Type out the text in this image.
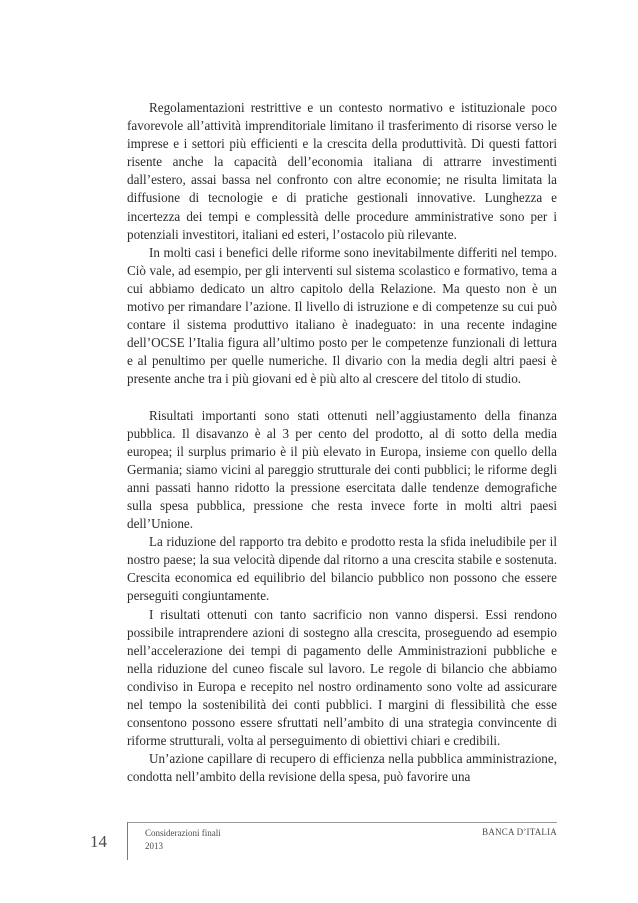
Regolamentazioni restrittive e un contesto normativo e istituzionale poco favorevole all’attività imprenditoriale limitano il trasferimento di risorse verso le imprese e i settori più efficienti e la crescita della produttività. Di questi fattori risente anche la capacità dell’economia italiana di attrarre investimenti dall’estero, assai bassa nel confronto con altre economie; ne risulta limitata la diffusione di tecnologie e di pratiche gestionali innovative. Lunghezza e incertezza dei tempi e complessità delle procedure amministrative sono per i potenziali investitori, italiani ed esteri, l’ostacolo più rilevante.

In molti casi i benefici delle riforme sono inevitabilmente differiti nel tempo. Ciò vale, ad esempio, per gli interventi sul sistema scolastico e formativo, tema a cui abbiamo dedicato un altro capitolo della Relazione. Ma questo non è un motivo per rimandare l’azione. Il livello di istruzione e di competenze su cui può contare il sistema produttivo italiano è inadeguato: in una recente indagine dell’OCSE l’Italia figura all’ultimo posto per le competenze funzionali di lettura e al penultimo per quelle numeriche. Il divario con la media degli altri paesi è presente anche tra i più giovani ed è più alto al crescere del titolo di studio.

Risultati importanti sono stati ottenuti nell’aggiustamento della finanza pubblica. Il disavanzo è al 3 per cento del prodotto, al di sotto della media europea; il surplus primario è il più elevato in Europa, insieme con quello della Germania; siamo vicini al pareggio strutturale dei conti pubblici; le riforme degli anni passati hanno ridotto la pressione esercitata dalle tendenze demografiche sulla spesa pubblica, pressione che resta invece forte in molti altri paesi dell’Unione.

La riduzione del rapporto tra debito e prodotto resta la sfida ineludibile per il nostro paese; la sua velocità dipende dal ritorno a una crescita stabile e sostenuta. Crescita economica ed equilibrio del bilancio pubblico non possono che essere perseguiti congiuntamente.

I risultati ottenuti con tanto sacrificio non vanno dispersi. Essi rendono possibile intraprendere azioni di sostegno alla crescita, proseguendo ad esempio nell’accelerazione dei tempi di pagamento delle Amministrazioni pubbliche e nella riduzione del cuneo fiscale sul lavoro. Le regole di bilancio che abbiamo condiviso in Europa e recepito nel nostro ordinamento sono volte ad assicurare nel tempo la sostenibilità dei conti pubblici. I margini di flessibilità che esse consentono possono essere sfruttati nell’ambito di una strategia convincente di riforme strutturali, volta al perseguimento di obiettivi chiari e credibili.

Un’azione capillare di recupero di efficienza nella pubblica amministrazione, condotta nell’ambito della revisione della spesa, può favorire una

14	Considerazioni finali
2013
BANCA D’ITALIA
